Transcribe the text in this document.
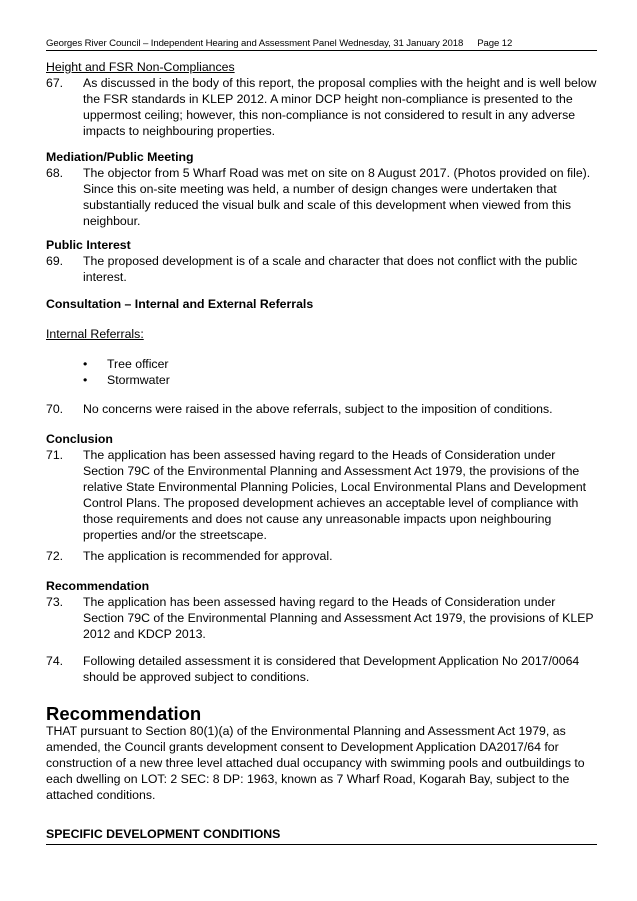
Georges River Council – Independent Hearing and Assessment Panel Wednesday, 31 January 2018 Page 12
Height and FSR Non-Compliances
67.	As discussed in the body of this report, the proposal complies with the height and is well below the FSR standards in KLEP 2012. A minor DCP height non-compliance is presented to the uppermost ceiling; however, this non-compliance is not considered to result in any adverse impacts to neighbouring properties.
Mediation/Public Meeting
68.	The objector from 5 Wharf Road was met on site on 8 August 2017. (Photos provided on file). Since this on-site meeting was held, a number of design changes were undertaken that substantially reduced the visual bulk and scale of this development when viewed from this neighbour.
Public Interest
69.	The proposed development is of a scale and character that does not conflict with the public interest.
Consultation – Internal and External Referrals
Internal Referrals:
•	Tree officer
•	Stormwater
70.	No concerns were raised in the above referrals, subject to the imposition of conditions.
Conclusion
71.	The application has been assessed having regard to the Heads of Consideration under Section 79C of the Environmental Planning and Assessment Act 1979, the provisions of the relative State Environmental Planning Policies, Local Environmental Plans and Development Control Plans. The proposed development achieves an acceptable level of compliance with those requirements and does not cause any unreasonable impacts upon neighbouring properties and/or the streetscape.
72.	The application is recommended for approval.
Recommendation
73.	The application has been assessed having regard to the Heads of Consideration under Section 79C of the Environmental Planning and Assessment Act 1979, the provisions of KLEP 2012 and KDCP 2013.
74.	Following detailed assessment it is considered that Development Application No 2017/0064 should be approved subject to conditions.
Recommendation
THAT pursuant to Section 80(1)(a) of the Environmental Planning and Assessment Act 1979, as amended, the Council grants development consent to Development Application DA2017/64 for construction of a new three level attached dual occupancy with swimming pools and outbuildings to each dwelling on LOT: 2 SEC: 8 DP: 1963, known as 7 Wharf Road, Kogarah Bay, subject to the attached conditions.
SPECIFIC DEVELOPMENT CONDITIONS
